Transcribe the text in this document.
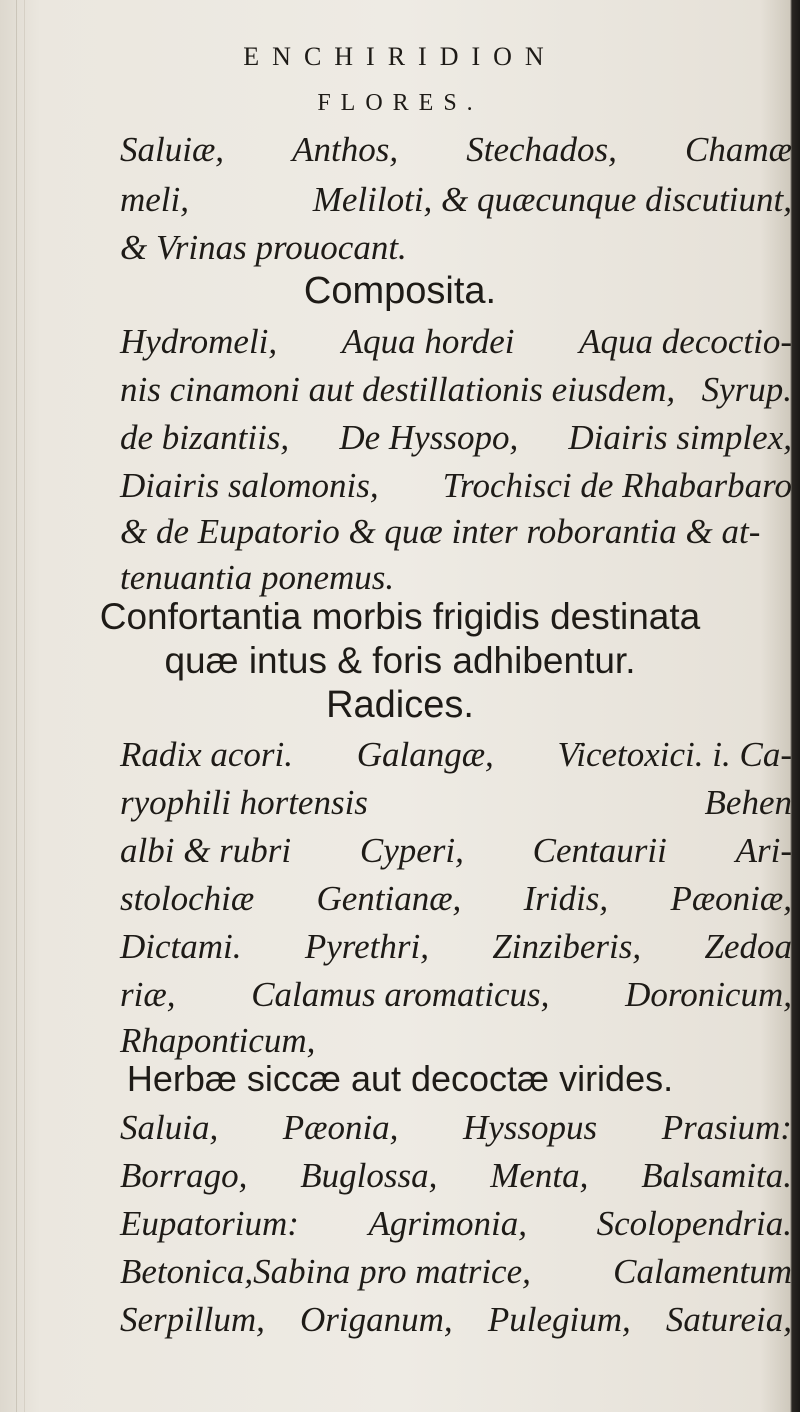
ENCHIRIDION
FLORES.
Saluiæ, Anthos, Stechados, Chamæ
meli,	Meliloti, & quæcunque discutiunt,
& Vrinas prouocant.
Composita.
Hydromeli, Aqua hordei Aqua decoctio-
nis cinamoni aut destillationis eiusdem, Syrup.
de bizantiis, De Hyssopo, Diairis simplex,
Diairis salomonis, Trochisci de Rhabarbaro
& de Eupatorio & quæ inter roborantia & at-
tenuantia ponemus.
Confortantia morbis frigidis destinata
quæ intus & foris adhibentur.
Radices.
Radix acori. Galangæ, Vicetoxici. i. Ca-
ryophili hortensis	Behen
albi & rubri Cyperi, Centaurii Ari-
stolochiæ Gentianæ, Iridis, Pæoniæ,
Dictami. Pyrethri, Zinziberis, Zedoa
riæ, Calamus aromaticus, Doronicum,
Rhaponticum,
Herbæ siccæ aut decoctæ virides.
Saluia, Pæonia, Hyssopus Prasium:
Borrago, Buglossa, Menta, Balsamita.
Eupatorium: Agrimonia, Scolopendria.
Betonica,Sabina pro matrice, Calamentum
Serpillum, Origanum, Pulegium, Satureia,
